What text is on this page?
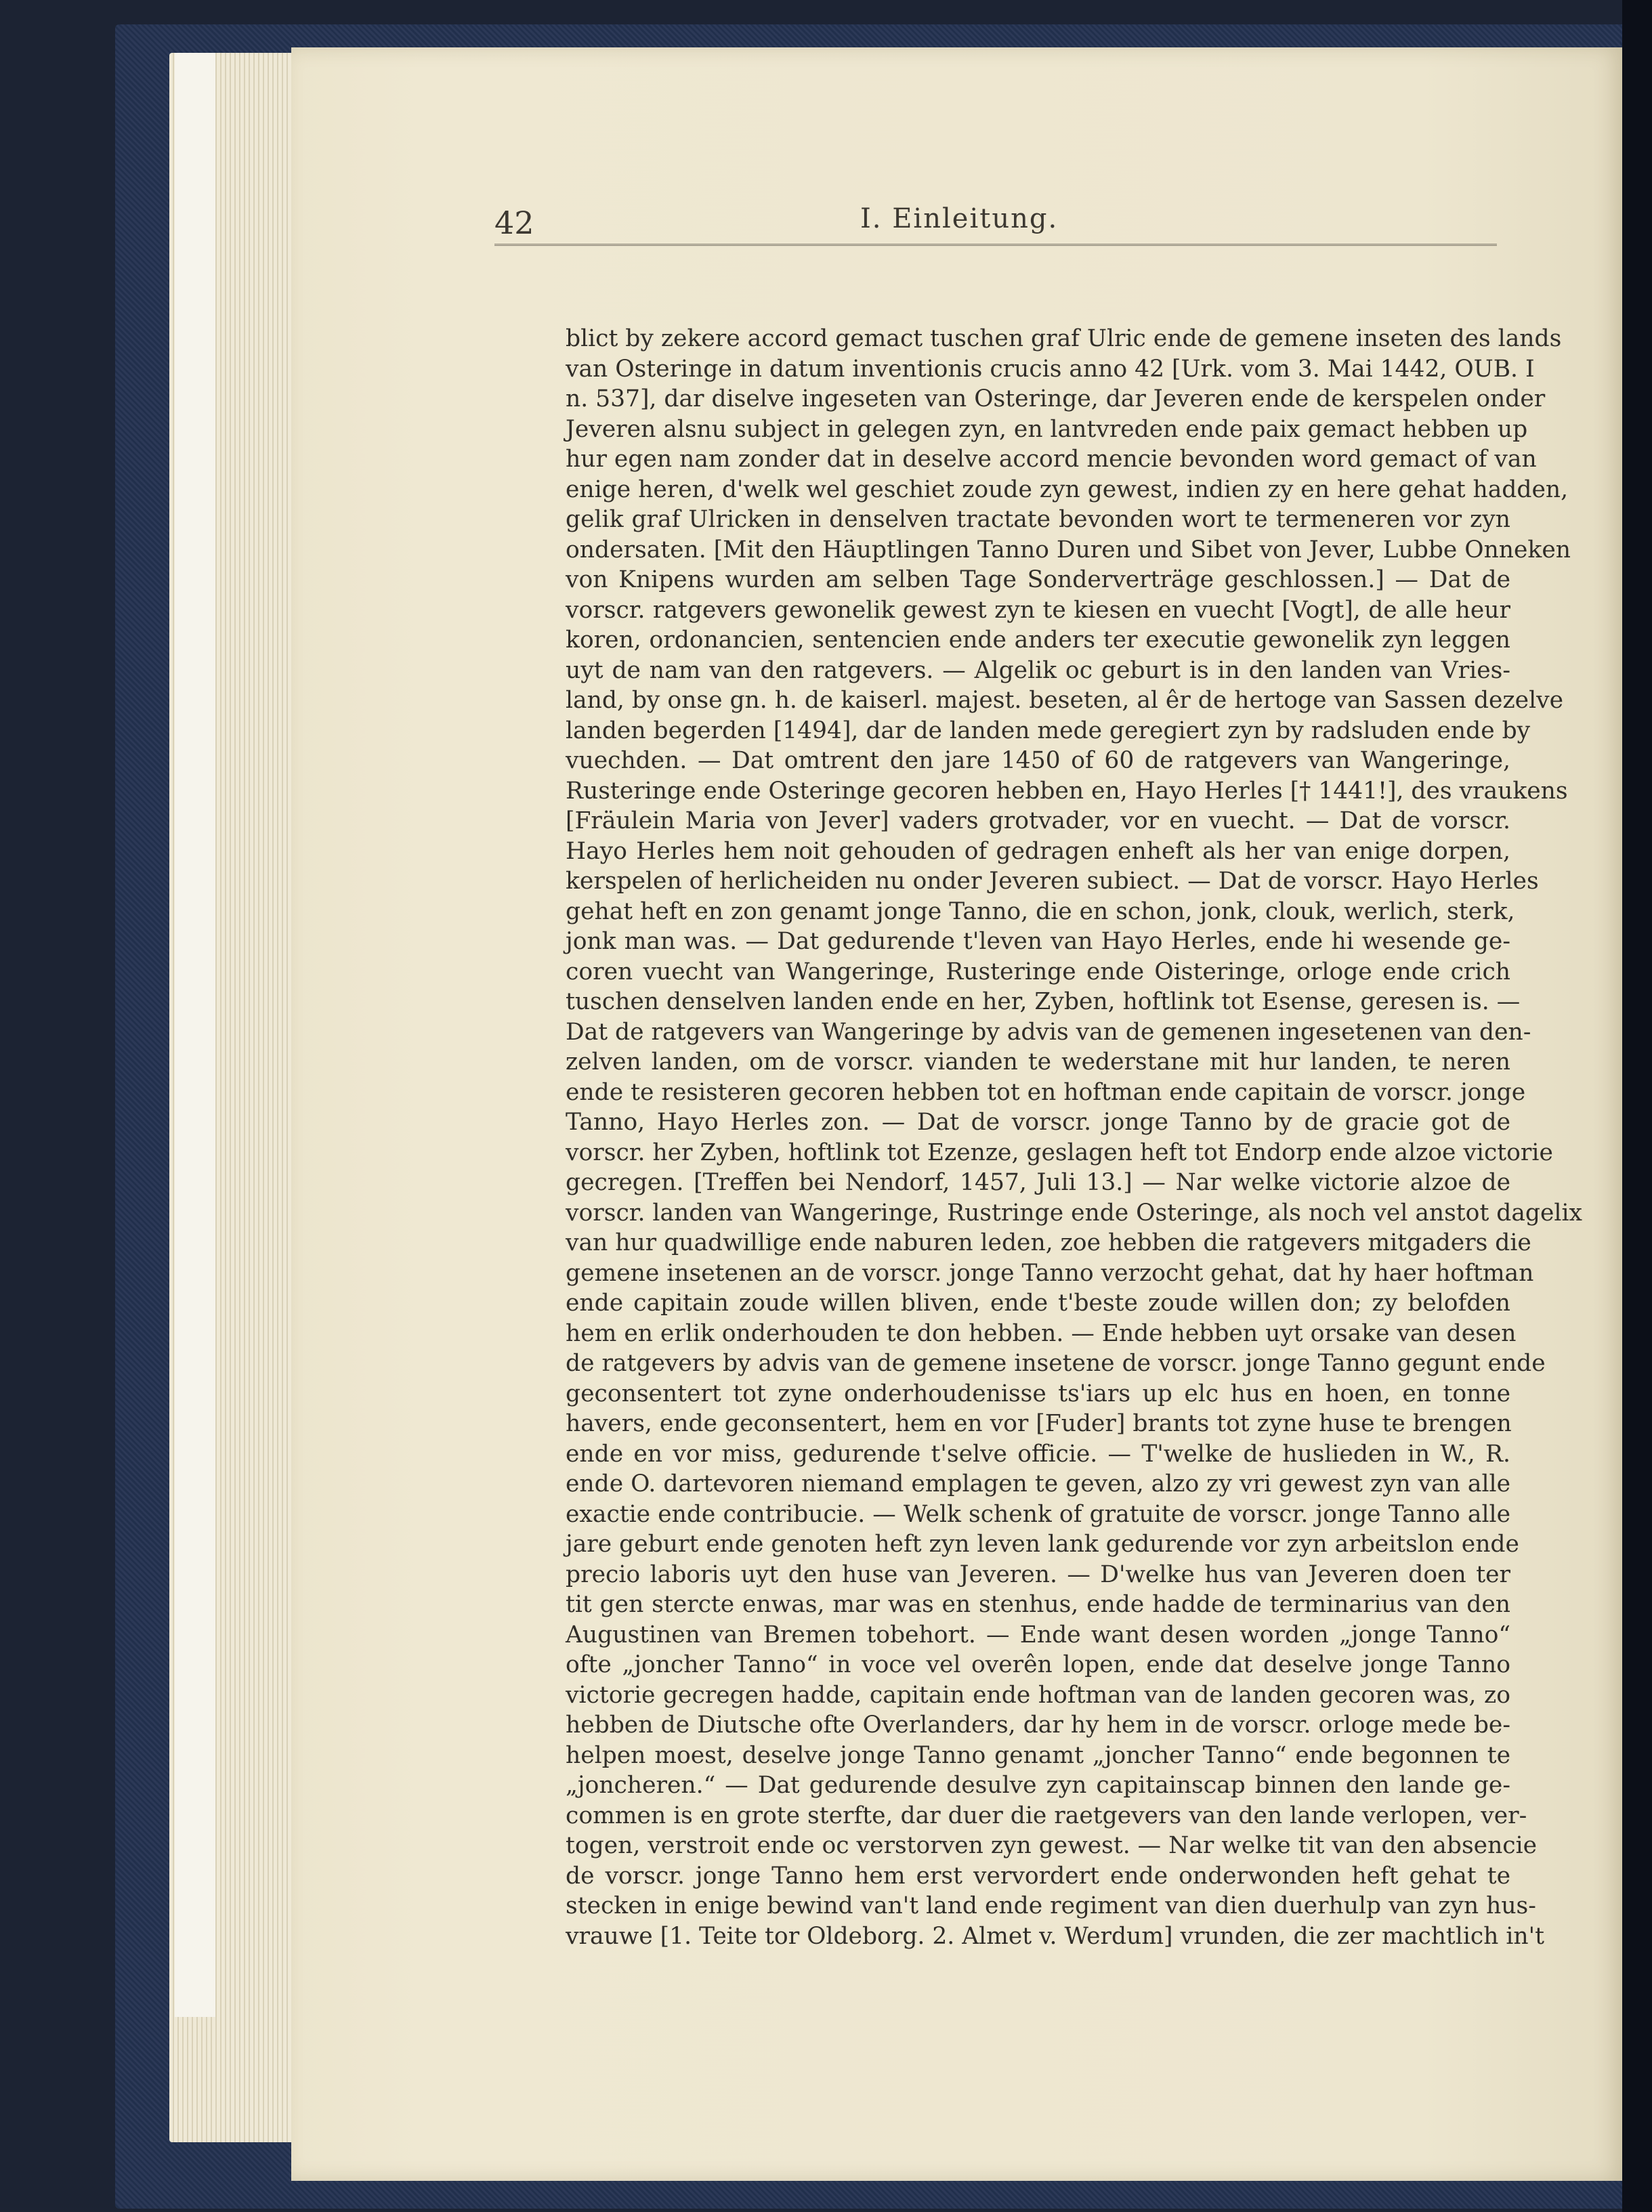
42	I. Einleitung.
blict by zekere accord gemact tuschen graf Ulric ende de gemene inseten des lands
van Osteringe in datum inventionis crucis anno 42 [Urk. vom 3. Mai 1442, OUB. I
n. 537], dar diselve ingeseten van Osteringe, dar Jeveren ende de kerspelen onder
Jeveren alsnu subject in gelegen zyn, en lantvreden ende paix gemact hebben up
hur egen nam zonder dat in deselve accord mencie bevonden word gemact of van
enige heren, d'welk wel geschiet zoude zyn gewest, indien zy en here gehat hadden,
gelik graf Ulricken in denselven tractate bevonden wort te termeneren vor zyn
ondersaten. [Mit den Häuptlingen Tanno Duren und Sibet von Jever, Lubbe Onneken
von Knipens wurden am selben Tage Sonderverträge geschlossen.] — Dat de
vorscr. ratgevers gewonelik gewest zyn te kiesen en vuecht [Vogt], de alle heur
koren, ordonancien, sentencien ende anders ter executie gewonelik zyn leggen
uyt de nam van den ratgevers. — Algelik oc geburt is in den landen van Vries-
land, by onse gn. h. de kaiserl. majest. beseten, al êr de hertoge van Sassen dezelve
landen begerden [1494], dar de landen mede geregiert zyn by radsluden ende by
vuechden. — Dat omtrent den jare 1450 of 60 de ratgevers van Wangeringe,
Rusteringe ende Osteringe gecoren hebben en, Hayo Herles [† 1441!], des vraukens
[Fräulein Maria von Jever] vaders grotvader, vor en vuecht. — Dat de vorscr.
Hayo Herles hem noit gehouden of gedragen enheft als her van enige dorpen,
kerspelen of herlicheiden nu onder Jeveren subiect. — Dat de vorscr. Hayo Herles
gehat heft en zon genamt jonge Tanno, die en schon, jonk, clouk, werlich, sterk,
jonk man was. — Dat gedurende t'leven van Hayo Herles, ende hi wesende ge-
coren vuecht van Wangeringe, Rusteringe ende Oisteringe, orloge ende crich
tuschen denselven landen ende en her, Zyben, hoftlink tot Esense, geresen is. —
Dat de ratgevers van Wangeringe by advis van de gemenen ingesetenen van den-
zelven landen, om de vorscr. vianden te wederstane mit hur landen, te neren
ende te resisteren gecoren hebben tot en hoftman ende capitain de vorscr. jonge
Tanno, Hayo Herles zon. — Dat de vorscr. jonge Tanno by de gracie got de
vorscr. her Zyben, hoftlink tot Ezenze, geslagen heft tot Endorp ende alzoe victorie
gecregen. [Treffen bei Nendorf, 1457, Juli 13.] — Nar welke victorie alzoe de
vorscr. landen van Wangeringe, Rustringe ende Osteringe, als noch vel anstot dagelix
van hur quadwillige ende naburen leden, zoe hebben die ratgevers mitgaders die
gemene insetenen an de vorscr. jonge Tanno verzocht gehat, dat hy haer hoftman
ende capitain zoude willen bliven, ende t'beste zoude willen don; zy belofden
hem en erlik onderhouden te don hebben. — Ende hebben uyt orsake van desen
de ratgevers by advis van de gemene insetene de vorscr. jonge Tanno gegunt ende
geconsentert tot zyne onderhoudenisse ts'iars up elc hus en hoen, en tonne
havers, ende geconsentert, hem en vor [Fuder] brants tot zyne huse te brengen
ende en vor miss, gedurende t'selve officie. — T'welke de huslieden in W., R.
ende O. dartevoren niemand emplagen te geven, alzo zy vri gewest zyn van alle
exactie ende contribucie. — Welk schenk of gratuite de vorscr. jonge Tanno alle
jare geburt ende genoten heft zyn leven lank gedurende vor zyn arbeitslon ende
precio laboris uyt den huse van Jeveren. — D'welke hus van Jeveren doen ter
tit gen stercte enwas, mar was en stenhus, ende hadde de terminarius van den
Augustinen van Bremen tobehort. — Ende want desen worden „jonge Tanno“
ofte „joncher Tanno“ in voce vel overên lopen, ende dat deselve jonge Tanno
victorie gecregen hadde, capitain ende hoftman van de landen gecoren was, zo
hebben de Diutsche ofte Overlanders, dar hy hem in de vorscr. orloge mede be-
helpen moest, deselve jonge Tanno genamt „joncher Tanno“ ende begonnen te
„joncheren.“ — Dat gedurende desulve zyn capitainscap binnen den lande ge-
commen is en grote sterfte, dar duer die raetgevers van den lande verlopen, ver-
togen, verstroit ende oc verstorven zyn gewest. — Nar welke tit van den absencie
de vorscr. jonge Tanno hem erst vervordert ende onderwonden heft gehat te
stecken in enige bewind van't land ende regiment van dien duerhulp van zyn hus-
vrauwe [1. Teite tor Oldeborg. 2. Almet v. Werdum] vrunden, die zer machtlich in't
